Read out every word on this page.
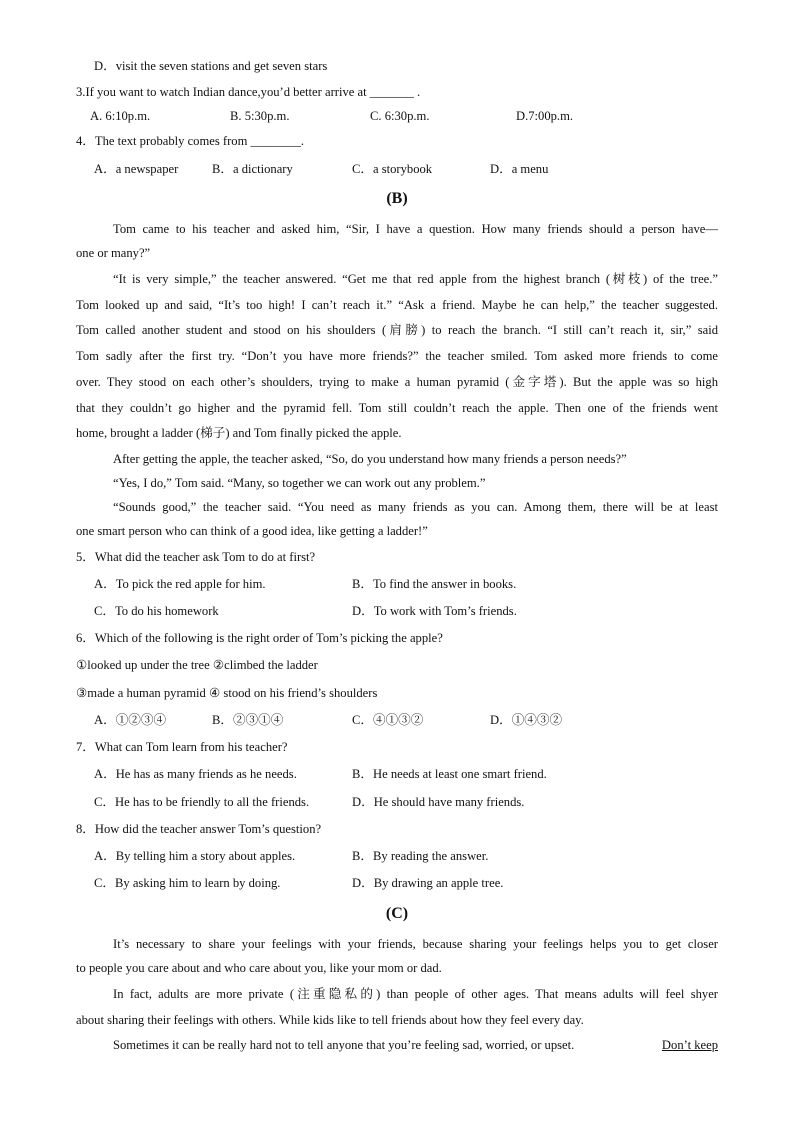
D．visit the seven stations and get seven stars
3.If you want to watch Indian dance,you’d better arrive at _______ .
A. 6:10p.m.	B. 5:30p.m.	C. 6:30p.m.	D.7:00p.m.
4．The text probably comes from ________.
A．a newspaper	B．a dictionary	C．a storybook	D．a menu
(B)
Tom came to his teacher and asked him, “Sir, I have a question. How many friends should a person have—
one or many?”
“It is very simple,” the teacher answered. “Get me that red apple from the highest branch (树枝) of the tree.”
Tom looked up and said, “It’s too high! I can’t reach it.” “Ask a friend. Maybe he can help,” the teacher suggested.
Tom called another student and stood on his shoulders (肩膀) to reach the branch. “I still can’t reach it, sir,” said
Tom sadly after the first try. “Don’t you have more friends?” the teacher smiled. Tom asked more friends to come
over. They stood on each other’s shoulders, trying to make a human pyramid (金字塔). But the apple was so high
that they couldn’t go higher and the pyramid fell. Tom still couldn’t reach the apple. Then one of the friends went
home, brought a ladder (梯子) and Tom finally picked the apple.
After getting the apple, the teacher asked, “So, do you understand how many friends a person needs?”
“Yes, I do,” Tom said. “Many, so together we can work out any problem.”
“Sounds good,” the teacher said. “You need as many friends as you can. Among them, there will be at least
one smart person who can think of a good idea, like getting a ladder!”
5．What did the teacher ask Tom to do at first?
A．To pick the red apple for him.	B．To find the answer in books.
C．To do his homework	D．To work with Tom’s friends.
6．Which of the following is the right order of Tom’s picking the apple?
①looked up under the tree ②climbed the ladder
③made a human pyramid ④ stood on his friend’s shoulders
A．①②③④	B．②③①④	C．④①③②	D．①④③②
7．What can Tom learn from his teacher?
A．He has as many friends as he needs.	B．He needs at least one smart friend.
C．He has to be friendly to all the friends.	D．He should have many friends.
8．How did the teacher answer Tom’s question?
A．By telling him a story about apples.	B．By reading the answer.
C．By asking him to learn by doing.	D．By drawing an apple tree.
(C)
It’s necessary to share your feelings with your friends, because sharing your feelings helps you to get closer
to people you care about and who care about you, like your mom or dad.
In fact, adults are more private (注重隐私的) than people of other ages. That means adults will feel shyer
about sharing their feelings with others. While kids like to tell friends about how they feel every day.
Sometimes it can be really hard not to tell anyone that you’re feeling sad, worried, or upset.	Don’t keep
